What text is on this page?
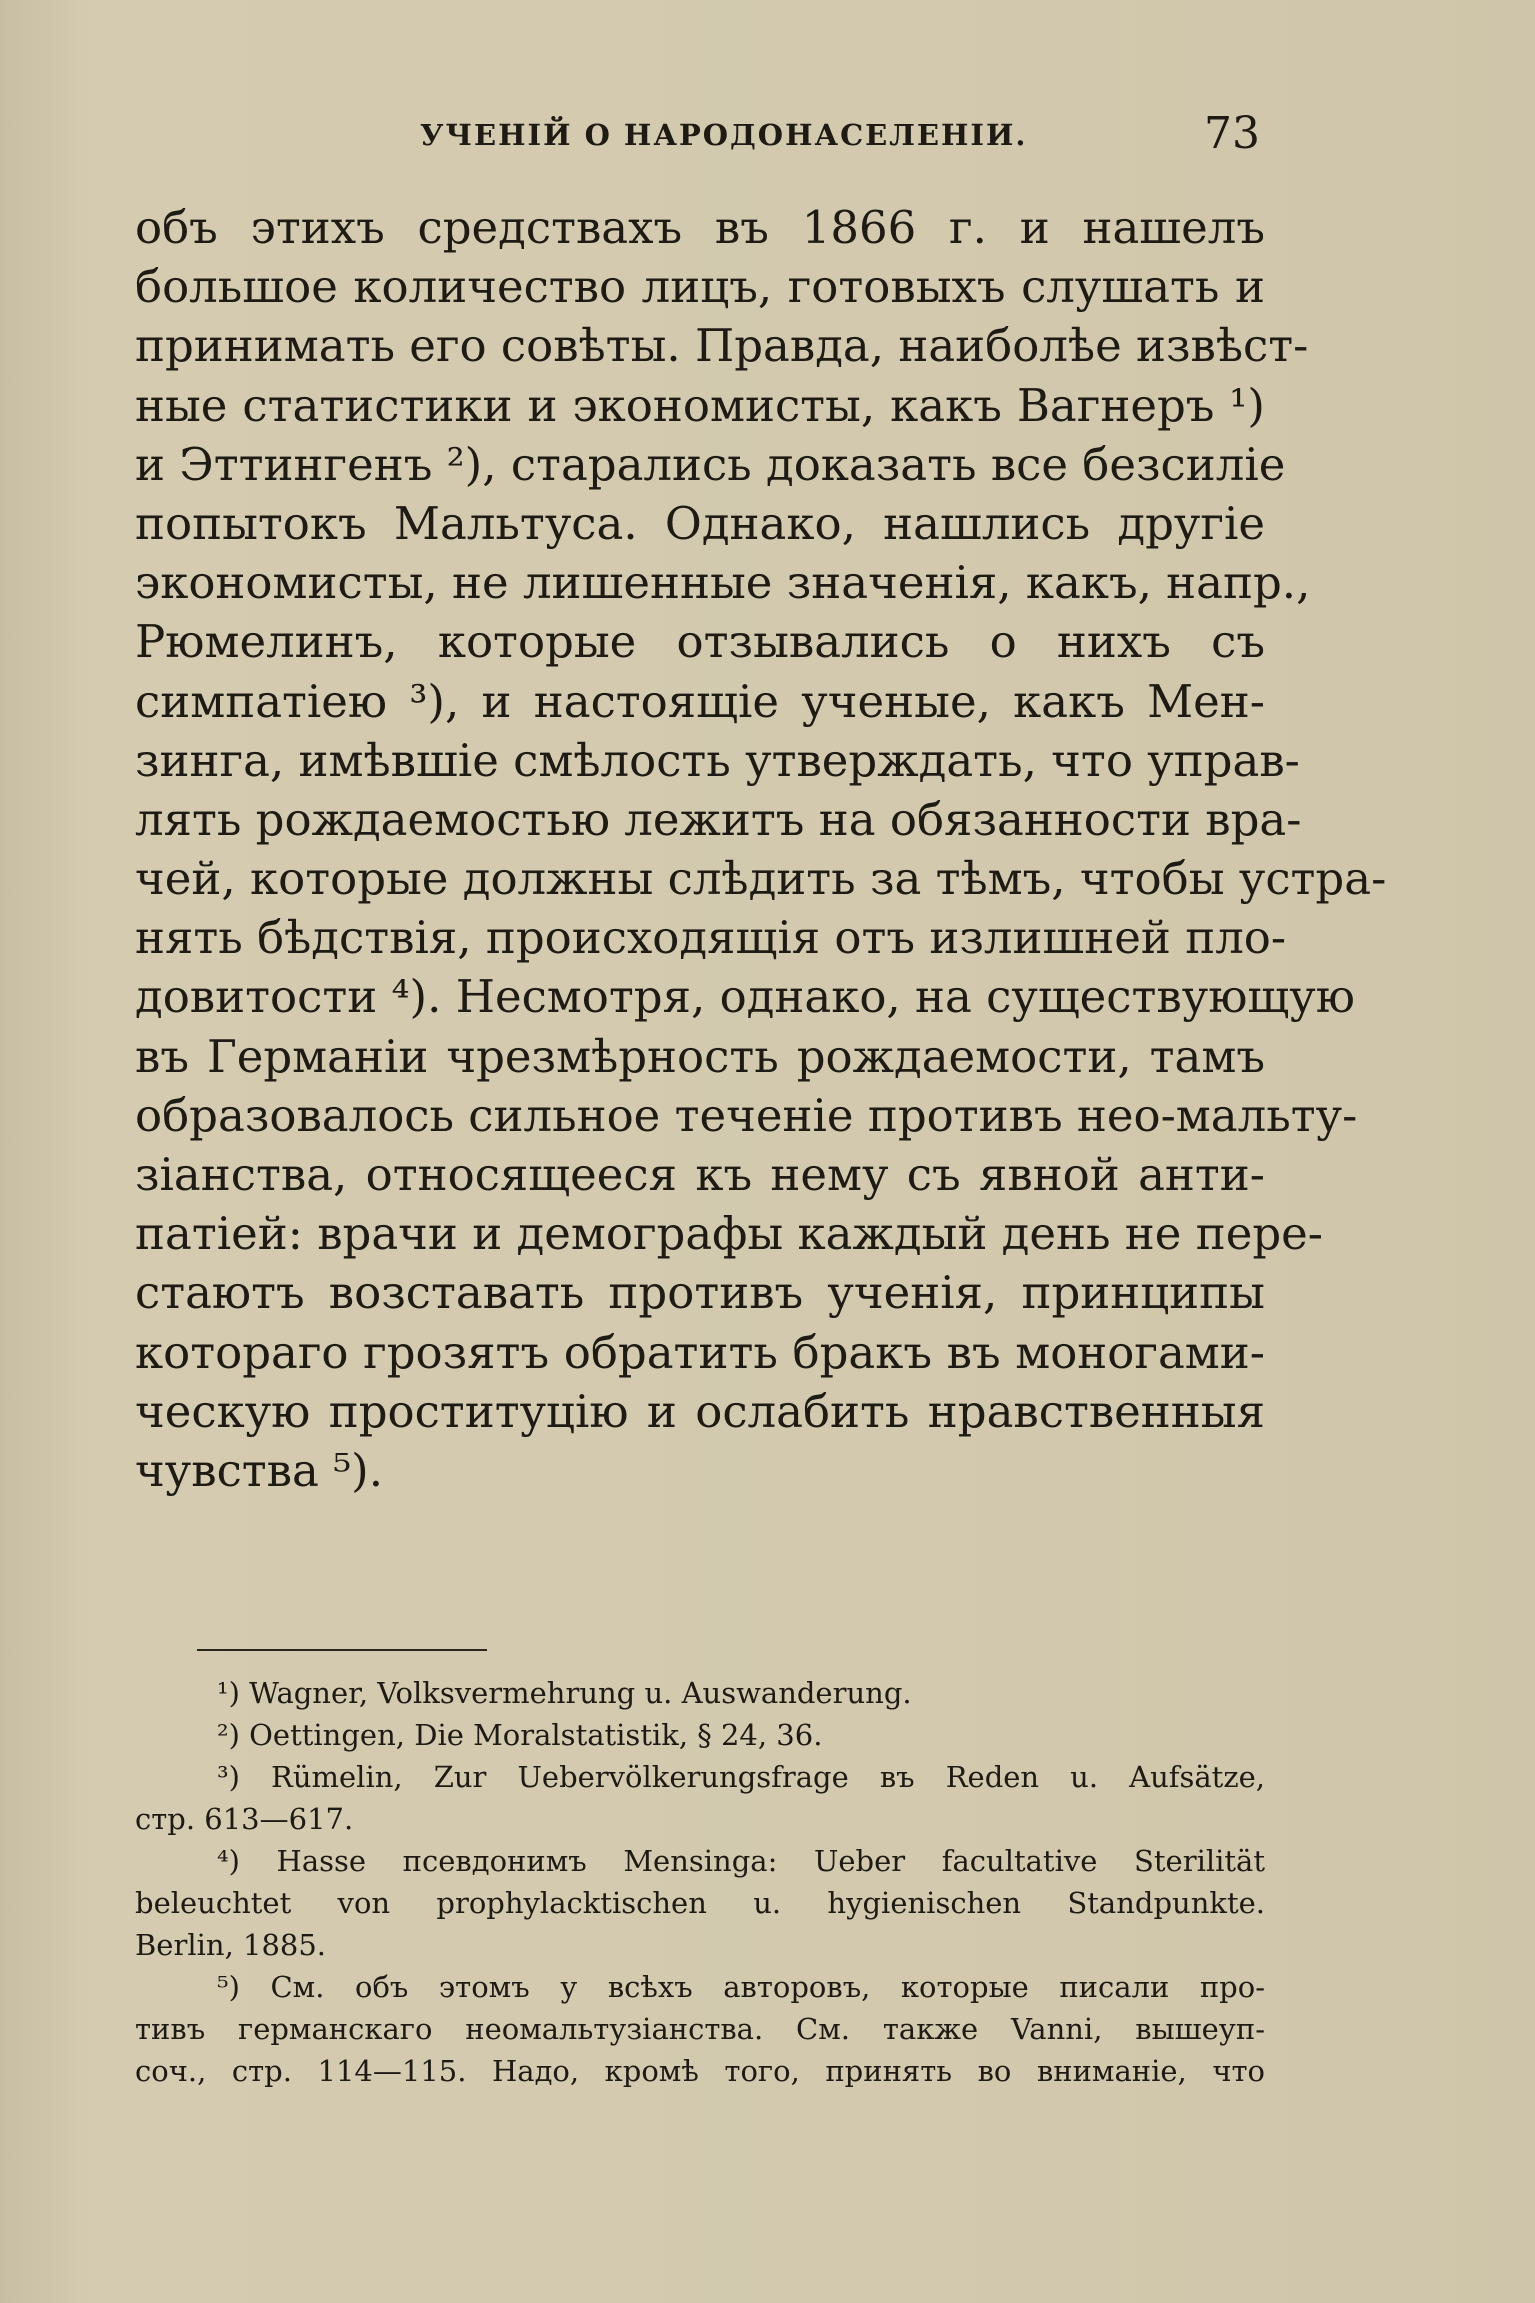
УЧЕНІЙ О НАРОДОНАСЕЛЕНІИ.	73
объ этихъ средствахъ въ 1866 г. и нашелъ
большое количество лицъ, готовыхъ слушать и
принимать его совѣты. Правда, наиболѣе извѣст-
ные статистики и экономисты, какъ Вагнеръ ¹)
и Эттингенъ ²), старались доказать все безсиліе
попытокъ Мальтуса. Однако, нашлись другіе
экономисты, не лишенные значенія, какъ, напр.,
Рюмелинъ, которые отзывались о нихъ съ
симпатіею ³), и настоящіе ученые, какъ Мен-
зинга, имѣвшіе смѣлость утверждать, что управ-
лять рождаемостью лежитъ на обязанности вра-
чей, которые должны слѣдить за тѣмъ, чтобы устра-
нять бѣдствія, происходящія отъ излишней пло-
довитости ⁴). Несмотря, однако, на существующую
въ Германіи чрезмѣрность рождаемости, тамъ
образовалось сильное теченіе противъ нео-мальту-
зіанства, относящееся къ нему съ явной анти-
патіей: врачи и демографы каждый день не пере-
стаютъ возставать противъ ученія, принципы
котораго грозятъ обратить бракъ въ моногами-
ческую проституцію и ослабить нравственныя
чувства ⁵).
¹) Wagner, Volksvermehrung u. Auswanderung.
²) Oettingen, Die Moralstatistik, § 24, 36.
³) Rümelin, Zur Uebervölkerungsfrage въ Reden u. Aufsätze,
стр. 613—617.
⁴) Hasse псевдонимъ Mensinga: Ueber facultative Sterilität
beleuchtet von prophylacktischen u. hygienischen Standpunkte.
Berlin, 1885.
⁵) См. объ этомъ у всѣхъ авторовъ, которые писали про-
тивъ германскаго неомальтузіанства. См. также Vanni, вышеуп-
соч., стр. 114—115. Надо, кромѣ того, принять во вниманіе, что
